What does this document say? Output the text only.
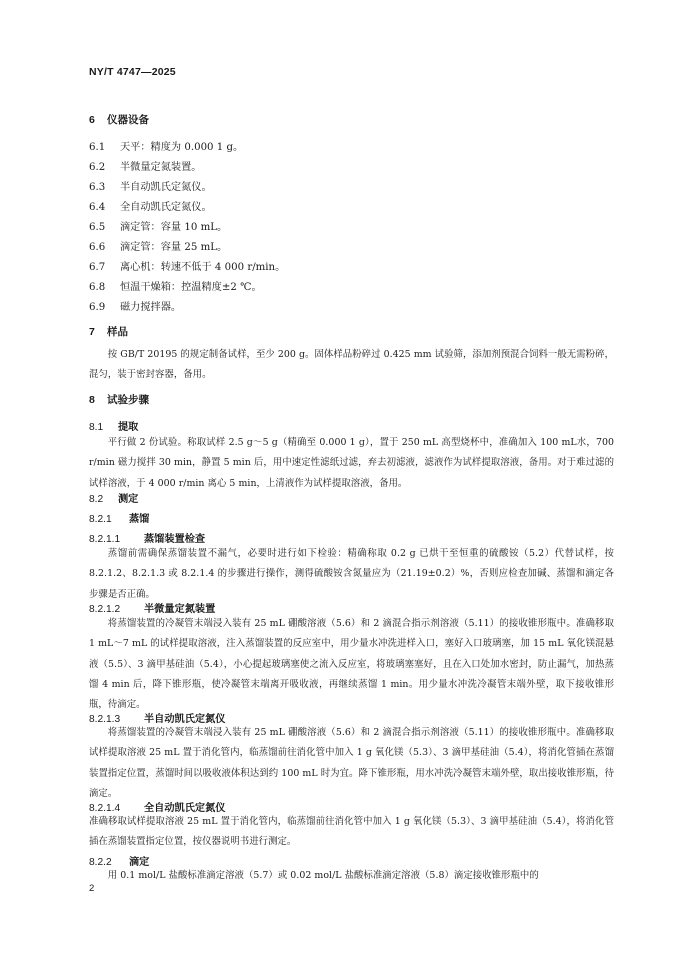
NY/T 4747—2025
6 仪器设备
6.1 天平：精度为 0.000 1 g。
6.2 半微量定氮装置。
6.3 半自动凯氏定氮仪。
6.4 全自动凯氏定氮仪。
6.5 滴定管：容量 10 mL。
6.6 滴定管：容量 25 mL。
6.7 离心机：转速不低于 4 000 r/min。
6.8 恒温干燥箱：控温精度±2 ℃。
6.9 磁力搅拌器。
7 样品
按 GB/T 20195 的规定制备试样，至少 200 g。固体样品粉碎过 0.425 mm 试验筛，添加剂预混合饲料一般无需粉碎，混匀，装于密封容器，备用。
8 试验步骤
8.1 提取
平行做 2 份试验。称取试样 2.5 g～5 g（精确至 0.000 1 g），置于 250 mL 高型烧杯中，准确加入 100 mL水，700 r/min 磁力搅拌 30 min，静置 5 min 后，用中速定性滤纸过滤，弃去初滤液，滤液作为试样提取溶液，备用。对于难过滤的试样溶液，于 4 000 r/min 离心 5 min，上清液作为试样提取溶液，备用。
8.2 测定
8.2.1 蒸馏
8.2.1.1 蒸馏装置检查
蒸馏前需确保蒸馏装置不漏气，必要时进行如下检验：精确称取 0.2 g 已烘干至恒重的硫酸铵（5.2）代替试样，按 8.2.1.2、8.2.1.3 或 8.2.1.4 的步骤进行操作，测得硫酸铵含氮量应为（21.19±0.2）%，否则应检查加碱、蒸馏和滴定各步骤是否正确。
8.2.1.2 半微量定氮装置
将蒸馏装置的冷凝管末端浸入装有 25 mL 硼酸溶液（5.6）和 2 滴混合指示剂溶液（5.11）的接收锥形瓶中。准确移取 1 mL～7 mL 的试样提取溶液，注入蒸馏装置的反应室中，用少量水冲洗进样入口，塞好入口玻璃塞，加 15 mL 氧化镁混悬液（5.5）、3 滴甲基硅油（5.4），小心提起玻璃塞使之流入反应室，将玻璃塞塞好，且在入口处加水密封，防止漏气，加热蒸馏 4 min 后，降下锥形瓶，使冷凝管末端离开吸收液，再继续蒸馏 1 min。用少量水冲洗冷凝管末端外壁，取下接收锥形瓶，待滴定。
8.2.1.3 半自动凯氏定氮仪
将蒸馏装置的冷凝管末端浸入装有 25 mL 硼酸溶液（5.6）和 2 滴混合指示剂溶液（5.11）的接收锥形瓶中。准确移取试样提取溶液 25 mL 置于消化管内，临蒸馏前往消化管中加入 1 g 氧化镁（5.3）、3 滴甲基硅油（5.4），将消化管插在蒸馏装置指定位置，蒸馏时间以吸收液体积达到约 100 mL 时为宜。降下锥形瓶，用水冲洗冷凝管末端外壁，取出接收锥形瓶，待滴定。
8.2.1.4 全自动凯氏定氮仪
准确移取试样提取溶液 25 mL 置于消化管内，临蒸馏前往消化管中加入 1 g 氧化镁（5.3）、3 滴甲基硅油（5.4），将消化管插在蒸馏装置指定位置，按仪器说明书进行测定。
8.2.2 滴定
用 0.1 mol/L 盐酸标准滴定溶液（5.7）或 0.02 mol/L 盐酸标准滴定溶液（5.8）滴定接收锥形瓶中的
2
